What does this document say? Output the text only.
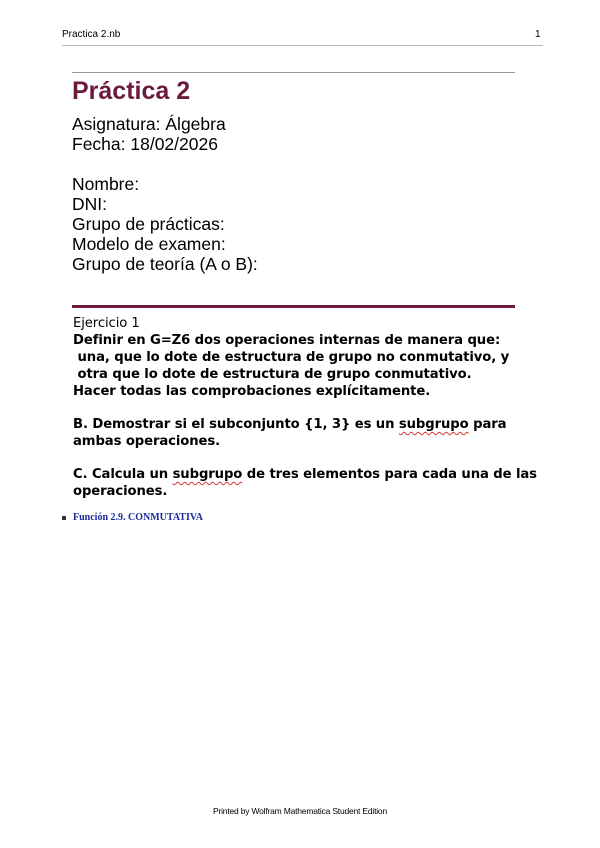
Practica 2.nb	1
Práctica 2
Asignatura: Álgebra
Fecha: 18/02/2026
Nombre:
DNI:
Grupo de prácticas:
Modelo de examen:
Grupo de teoría (A o B):
Ejercicio 1
Definir en G=Z6 dos operaciones internas de manera que:
una, que lo dote de estructura de grupo no conmutativo, y
otra que lo dote de estructura de grupo conmutativo.
Hacer todas las comprobaciones explícitamente.
B. Demostrar si el subconjunto {1, 3} es un subgrupo para
ambas operaciones.
C. Calcula un subgrupo de tres elementos para cada una de las
operaciones.
Función 2.9. CONMUTATIVA
Printed by Wolfram Mathematica Student Edition
